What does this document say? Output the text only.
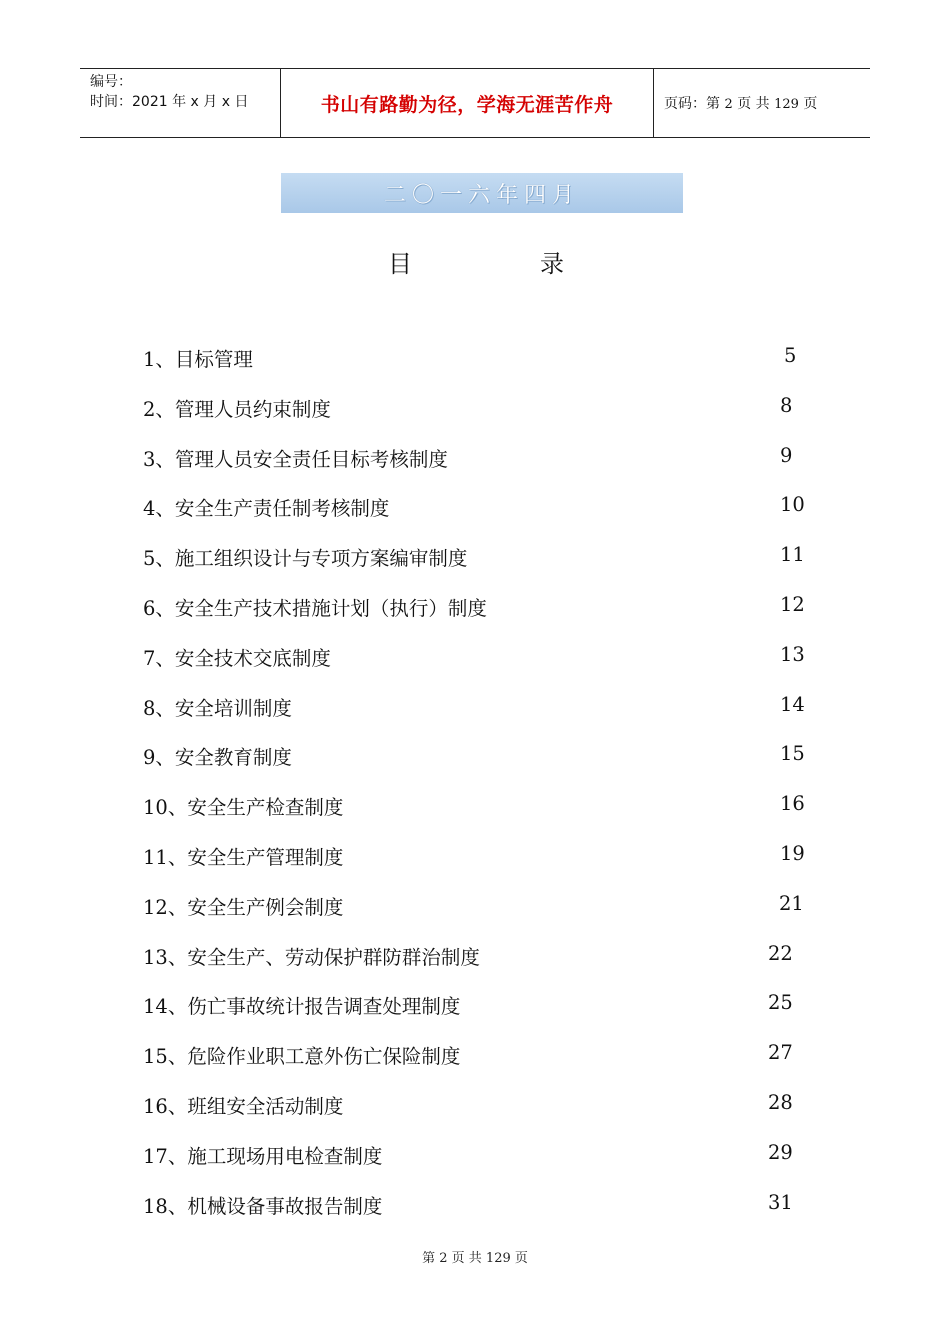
编号：
时间：2021 年 x 月 x 日	书山有路勤为径，学海无涯苦作舟	页码：第 2 页 共 129 页
二〇一六年四月
目	录
1、目标管理	5
2、管理人员约束制度	8
3、管理人员安全责任目标考核制度	9
4、安全生产责任制考核制度	10
5、施工组织设计与专项方案编审制度	11
6、安全生产技术措施计划（执行）制度	12
7、安全技术交底制度	13
8、安全培训制度	14
9、安全教育制度	15
10、安全生产检查制度	16
11、安全生产管理制度	19
12、安全生产例会制度	21
13、安全生产、劳动保护群防群治制度	22
14、伤亡事故统计报告调查处理制度	25
15、危险作业职工意外伤亡保险制度	27
16、班组安全活动制度	28
17、施工现场用电检查制度	29
18、机械设备事故报告制度	31
第 2 页 共 129 页
